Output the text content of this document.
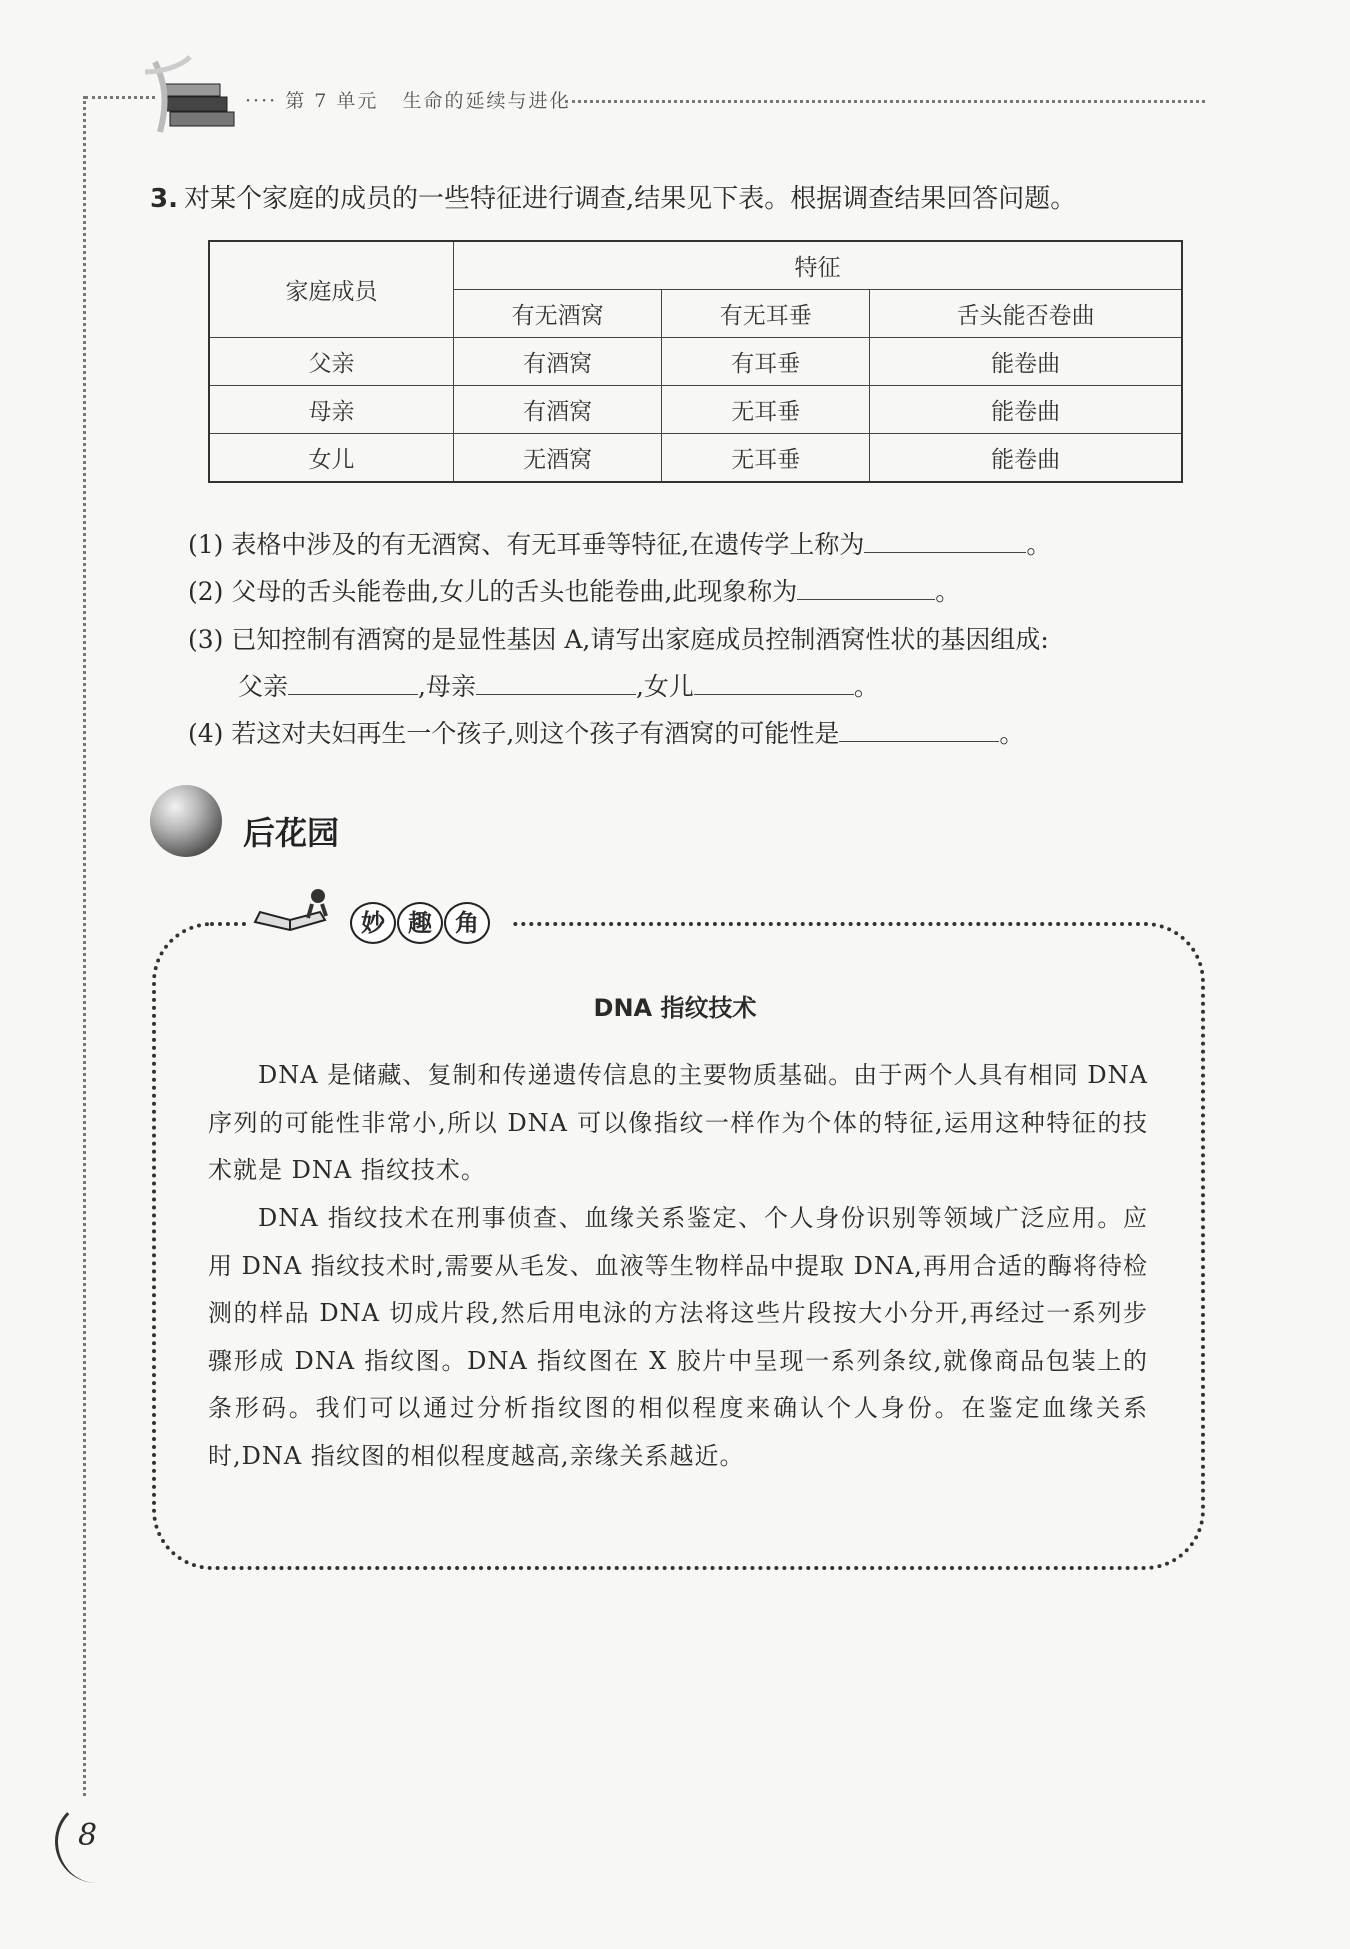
···· 第 7 单元 生命的延续与进化
3. 对某个家庭的成员的一些特征进行调查,结果见下表。根据调查结果回答问题。
家庭成员	特征		
	有无酒窝	有无耳垂	舌头能否卷曲
父亲	有酒窝	有耳垂	能卷曲
母亲	有酒窝	无耳垂	能卷曲
女儿	无酒窝	无耳垂	能卷曲
(1) 表格中涉及的有无酒窝、有无耳垂等特征,在遗传学上称为	。
(2) 父母的舌头能卷曲,女儿的舌头也能卷曲,此现象称为	。
(3) 已知控制有酒窝的是显性基因 A,请写出家庭成员控制酒窝性状的基因组成:
父亲	,母亲	,女儿	。
(4) 若这对夫妇再生一个孩子,则这个孩子有酒窝的可能性是	。
后花园
妙 趣 角
DNA 指纹技术
DNA 是储藏、复制和传递遗传信息的主要物质基础。由于两个人具有相同 DNA 序列的可能性非常小,所以 DNA 可以像指纹一样作为个体的特征,运用这种特征的技术就是 DNA 指纹技术。
DNA 指纹技术在刑事侦查、血缘关系鉴定、个人身份识别等领域广泛应用。应用 DNA 指纹技术时,需要从毛发、血液等生物样品中提取 DNA,再用合适的酶将待检测的样品 DNA 切成片段,然后用电泳的方法将这些片段按大小分开,再经过一系列步骤形成 DNA 指纹图。DNA 指纹图在 X 胶片中呈现一系列条纹,就像商品包装上的条形码。我们可以通过分析指纹图的相似程度来确认个人身份。在鉴定血缘关系时,DNA 指纹图的相似程度越高,亲缘关系越近。
8
